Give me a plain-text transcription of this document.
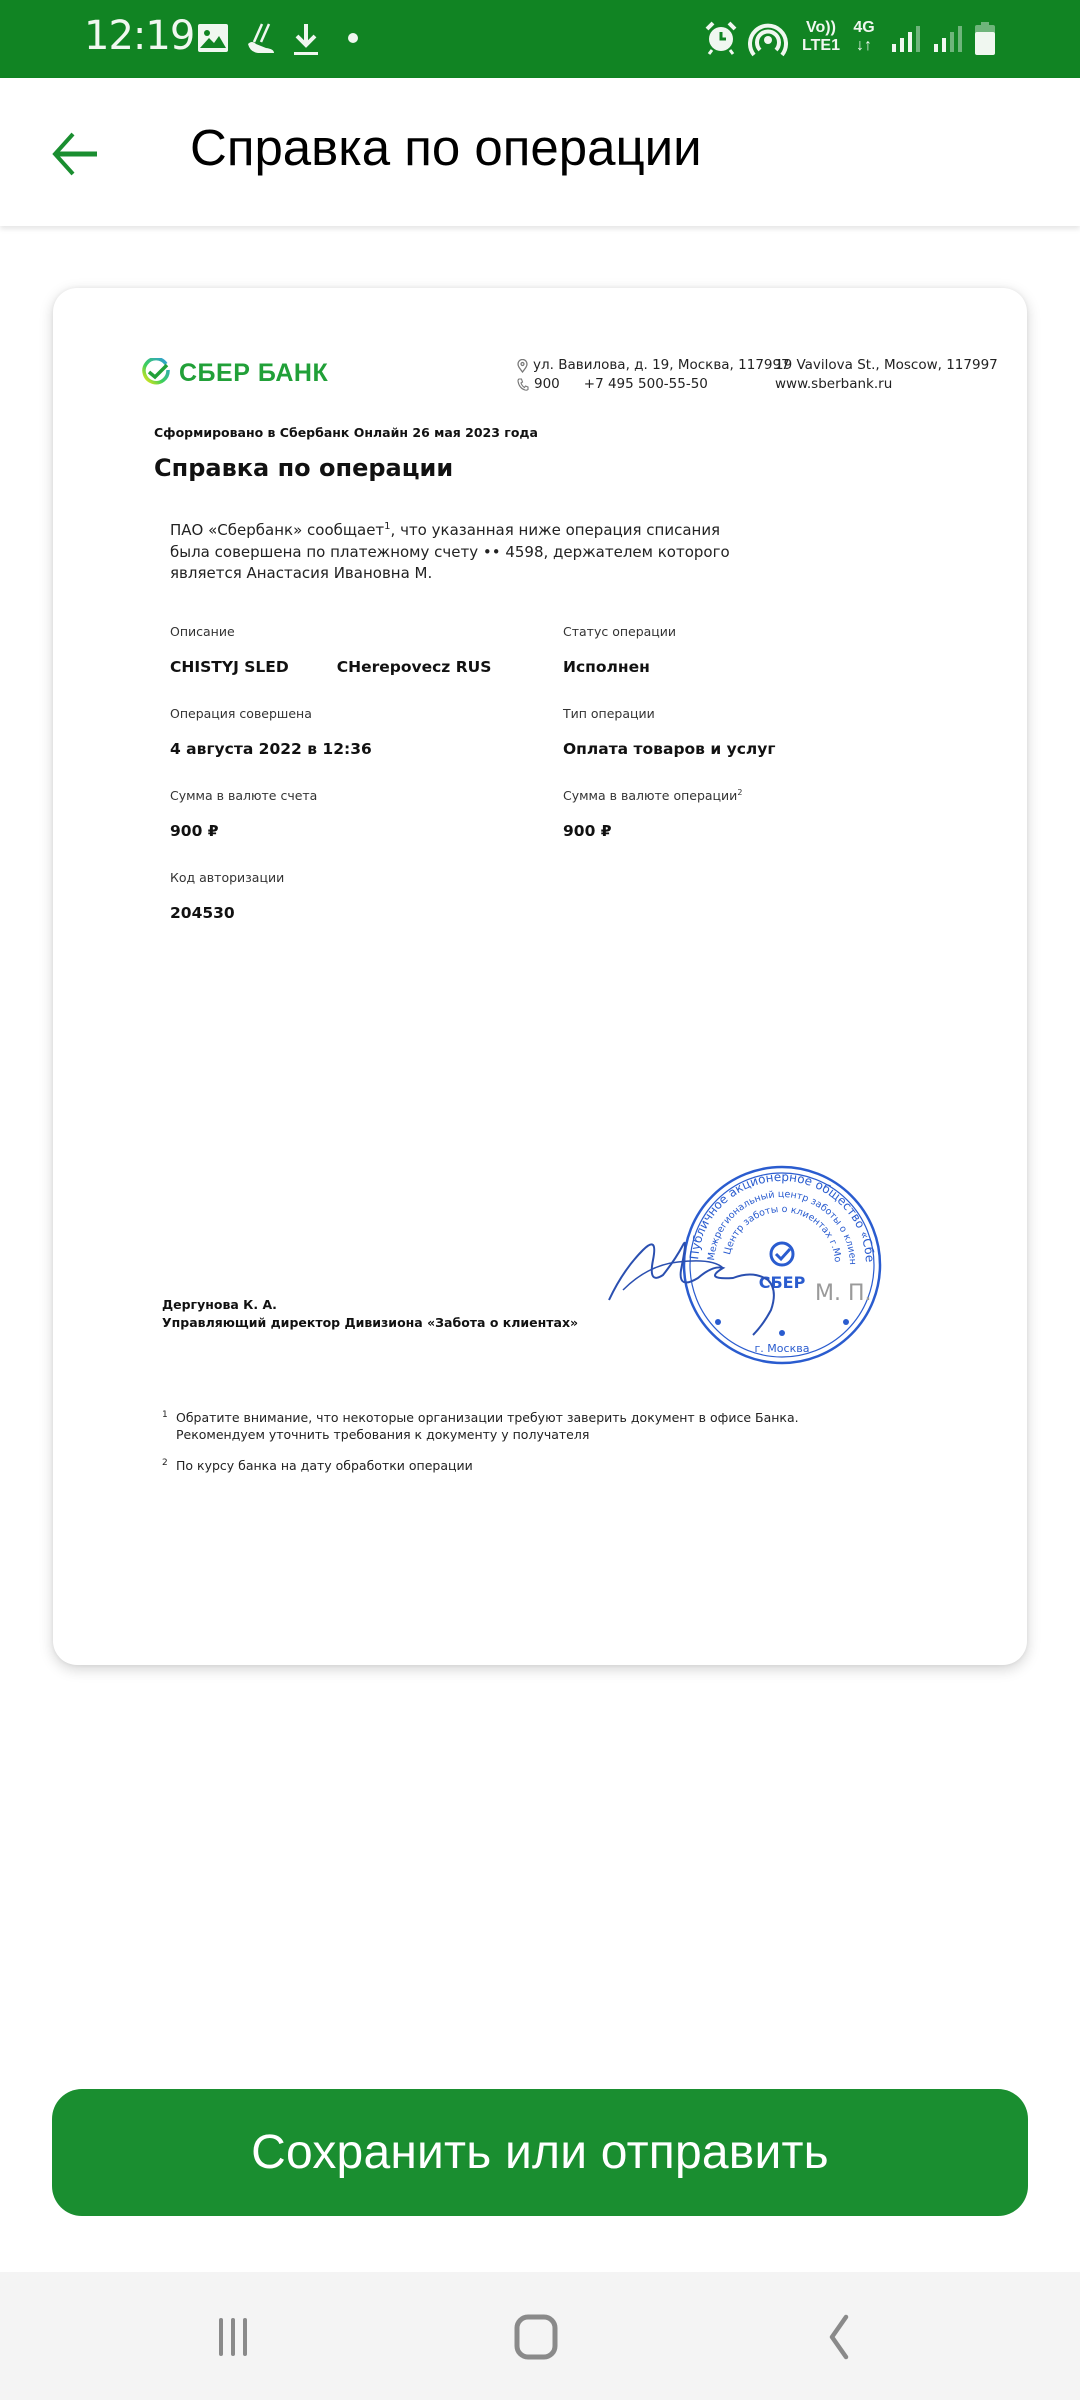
12:19	Vo))
LTE1
4G
↓↑
Справка по операции
СБЕР БАНК	ул. Вавилова, д. 19, Москва, 117997
900 +7 495 500-55-50
19 Vavilova St., Moscow, 117997
www.sberbank.ru
Сформировано в Сбербанк Онлайн 26 мая 2023 года
Справка по операции
ПАО «Сбербанк» сообщает$^1$, что указанная ниже операция списания была совершена по платежному счету •• 4598, держателем которого является Анастасия Ивановна М.
Описание
CHISTYJ SLED	CHerepovecz RUS
Статус операции
Исполнен
Операция совершена
4 августа 2022 в 12:36
Тип операции
Оплата товаров и услуг
Сумма в валюте счета
900 ₽
Сумма в валюте операции$^2$
900 ₽
Код авторизации
204530
Публичное акционерное общество «Сбе
Межрегиональный центр заботы о клиен
Центр заботы о клиентах г.Мо
СБЕР
г. Москва
М. П.
Дергунова К. А.
Управляющий директор Дивизиона «Забота о клиентах»
1 Обратите внимание, что некоторые организации требуют заверить документ в офисе Банка. Рекомендуем уточнить требования к документу у получателя
2 По курсу банка на дату обработки операции
Сохранить или отправить
